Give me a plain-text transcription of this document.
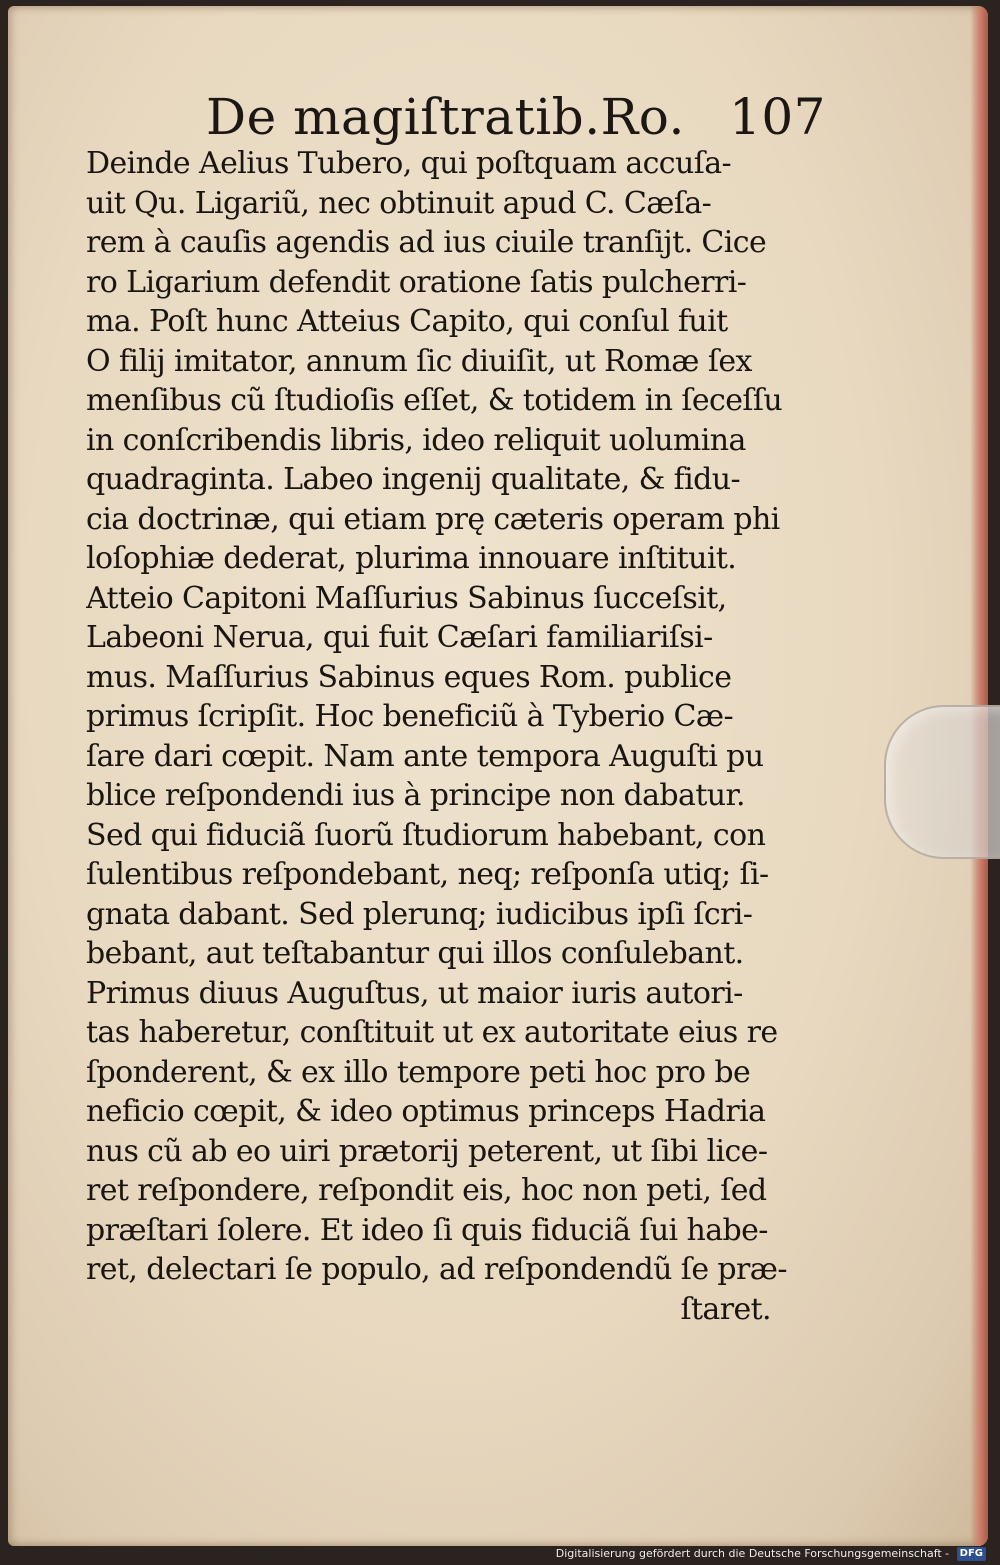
De magiſtratib.Ro. 107
Deinde Aelius Tubero, qui poſtquam accuſa-
uit Qu. Ligariũ, nec obtinuit apud C. Cæſa-
rem à cauſis agendis ad ius ciuile tranſijt. Cice
ro Ligarium defendit oratione ſatis pulcherri-
ma. Poſt hunc Atteius Capito, qui conſul fuit
O filij imitator, annum ſic diuiſit, ut Romæ ſex
menſibus cũ ſtudioſis eſſet, & totidem in ſeceſſu
in conſcribendis libris, ideo reliquit uolumina
quadraginta. Labeo ingenij qualitate, & fidu-
cia doctrinæ, qui etiam prę cæteris operam phi
loſophiæ dederat, plurima innouare inſtituit.
Atteio Capitoni Maſſurius Sabinus ſucceſsit,
Labeoni Nerua, qui fuit Cæſari familiariſsi-
mus. Maſſurius Sabinus eques Rom. publice
primus ſcripſit. Hoc beneficiũ à Tyberio Cæ-
ſare dari cœpit. Nam ante tempora Auguſti pu
blice reſpondendi ius à principe non dabatur.
Sed qui fiduciã ſuorũ ſtudiorum habebant, con
ſulentibus reſpondebant, neq; reſponſa utiq; ſi-
gnata dabant. Sed plerunq; iudicibus ipſi ſcri-
bebant, aut teſtabantur qui illos conſulebant.
Primus diuus Auguſtus, ut maior iuris autori-
tas haberetur, conſtituit ut ex autoritate eius re
ſponderent, & ex illo tempore peti hoc pro be
neficio cœpit, & ideo optimus princeps Hadria
nus cũ ab eo uiri prætorij peterent, ut ſibi lice-
ret reſpondere, reſpondit eis, hoc non peti, ſed
præſtari ſolere. Et ideo ſi quis fiduciã ſui habe-
ret, delectari ſe populo, ad reſpondendũ ſe præ-
ſtaret.
Digitalisierung gefördert durch die Deutsche Forschungsgemeinschaft - DFG
